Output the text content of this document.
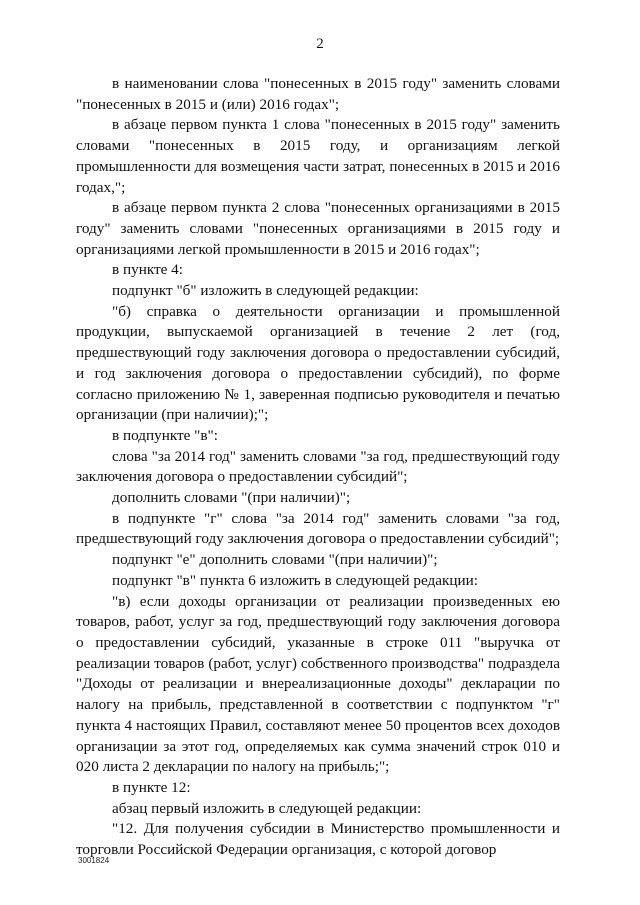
2

в наименовании слова "понесенных в 2015 году" заменить словами "понесенных в 2015 и (или) 2016 годах";

в абзаце первом пункта 1 слова "понесенных в 2015 году" заменить словами "понесенных в 2015 году, и организациям легкой промышленности для возмещения части затрат, понесенных в 2015 и 2016 годах,";

в абзаце первом пункта 2 слова "понесенных организациями в 2015 году" заменить словами "понесенных организациями в 2015 году и организациями легкой промышленности в 2015 и 2016 годах";

в пункте 4:

подпункт "б" изложить в следующей редакции:

"б) справка о деятельности организации и промышленной продукции, выпускаемой организацией в течение 2 лет (год, предшествующий году заключения договора о предоставлении субсидий, и год заключения договора о предоставлении субсидий), по форме согласно приложению № 1, заверенная подписью руководителя и печатью организации (при наличии);";

в подпункте "в":

слова "за 2014 год" заменить словами "за год, предшествующий году заключения договора о предоставлении субсидий";

дополнить словами "(при наличии)";

в подпункте "г" слова "за 2014 год" заменить словами "за год, предшествующий году заключения договора о предоставлении субсидий";

подпункт "е" дополнить словами "(при наличии)";

подпункт "в" пункта 6 изложить в следующей редакции:

"в) если доходы организации от реализации произведенных ею товаров, работ, услуг за год, предшествующий году заключения договора о предоставлении субсидий, указанные в строке 011 "выручка от реализации товаров (работ, услуг) собственного производства" подраздела "Доходы от реализации и внереализационные доходы" декларации по налогу на прибыль, представленной в соответствии с подпунктом "г" пункта 4 настоящих Правил, составляют менее 50 процентов всех доходов организации за этот год, определяемых как сумма значений строк 010 и 020 листа 2 декларации по налогу на прибыль;";

в пункте 12:

абзац первый изложить в следующей редакции:

"12. Для получения субсидии в Министерство промышленности и торговли Российской Федерации организация, с которой договор

3001824
